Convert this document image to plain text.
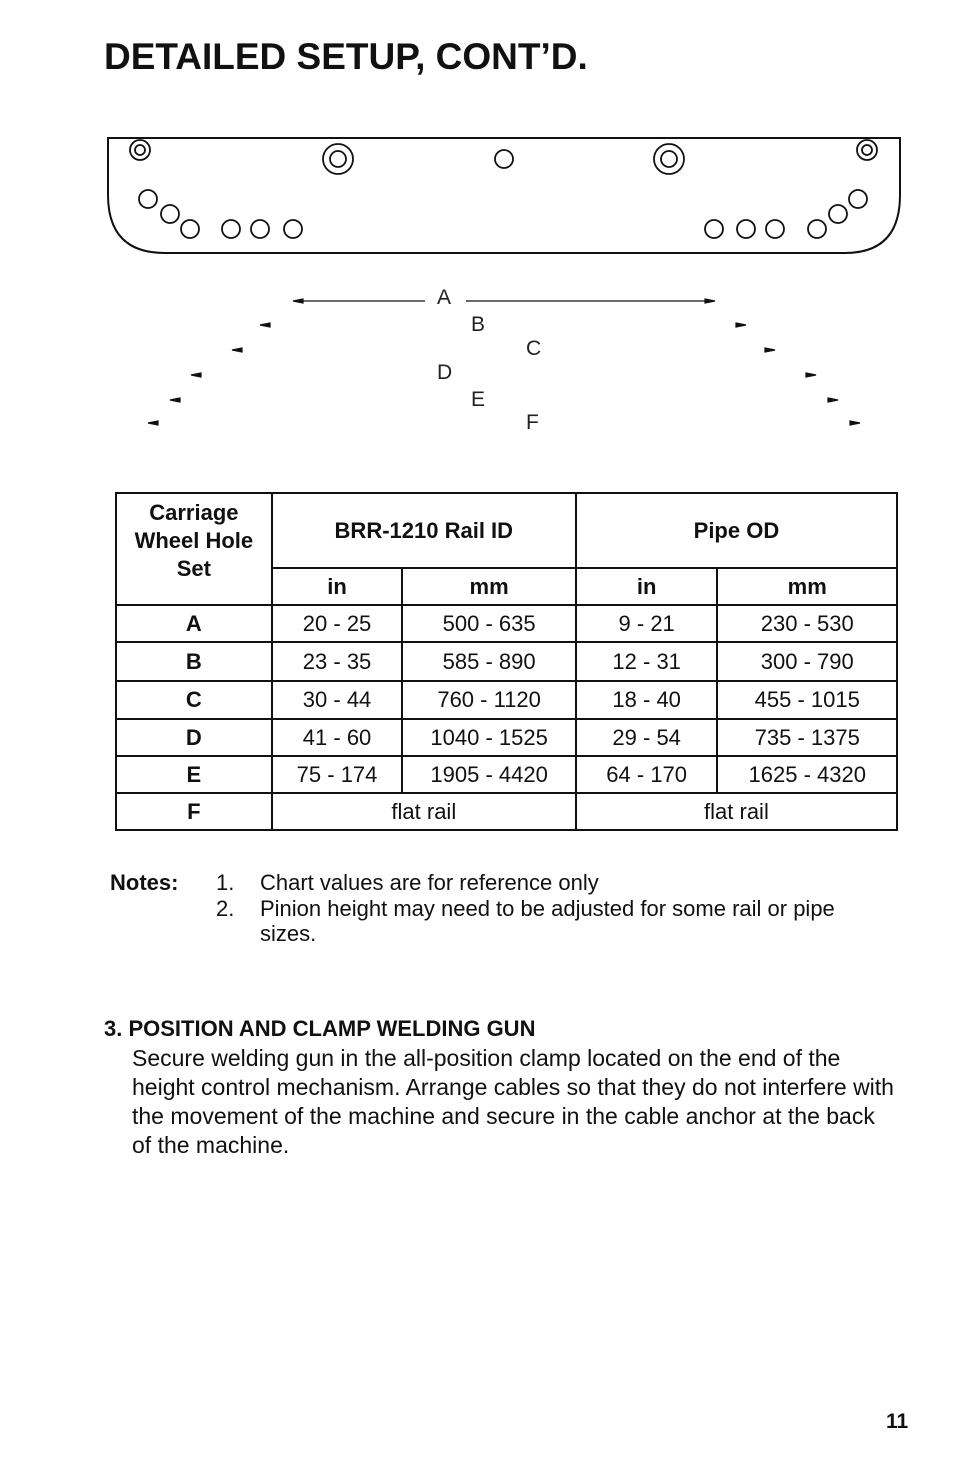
DETAILED SETUP, CONT’D.
A
B
C
D
E
F
Carriage Wheel Hole Set	BRR-1210 Rail ID		Pipe OD	
	in	mm	in	mm
A	20 - 25	500 - 635	9 - 21	230 - 530
B	23 - 35	585 - 890	12 - 31	300 - 790
C	30 - 44	760 - 1120	18 - 40	455 - 1015
D	41 - 60	1040 - 1525	29 - 54	735 - 1375
E	75 - 174	1905 - 4420	64 - 170	1625 - 4320
F	flat rail		flat rail	
Notes: 1. Chart values are for reference only
2. Pinion height may need to be adjusted for some rail or pipe sizes.
3. POSITION AND CLAMP WELDING GUN

Secure welding gun in the all-position clamp located on the end of the height control mechanism. Arrange cables so that they do not interfere with the movement of the machine and secure in the cable anchor at the back of the machine.

11
